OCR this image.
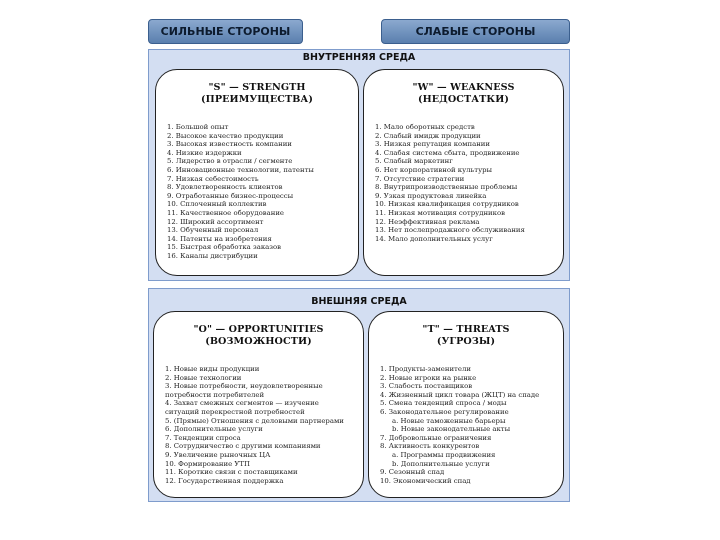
СИЛЬНЫЕ СТОРОНЫ	СЛАБЫЕ СТОРОНЫ
ВНУТРЕННЯЯ СРЕДА
"S" — STRENGTH
(ПРЕИМУЩЕСТВА)
1. Большой опыт
2. Высокое качество продукции
3. Высокая известность компании
4. Низкие издержки
5. Лидерство в отрасли / сегменте
6. Инновационные технологии, патенты
7. Низкая себестоимость
8. Удовлетворенность клиентов
9. Отработанные бизнес-процессы
10. Сплоченный коллектив
11. Качественное оборудование
12. Широкий ассортимент
13. Обученный персонал
14. Патенты на изобретения
15. Быстрая обработка заказов
16. Каналы дистрибуции
"W" — WEAKNESS
(НЕДОСТАТКИ)
1. Мало оборотных средств
2. Слабый имидж продукции
3. Низкая репутация компании
4. Слабая система сбыта, продвижение
5. Слабый маркетинг
6. Нет корпоративной культуры
7. Отсутствие стратегии
8. Внутрипроизводственные проблемы
9. Узкая продуктовая линейка
10. Низкая квалификация сотрудников
11. Низкая мотивация сотрудников
12. Неэффективная реклама
13. Нет послепродажного обслуживания
14. Мало дополнительных услуг
ВНЕШНЯЯ СРЕДА
"O" — OPPORTUNITIES
(ВОЗМОЖНОСТИ)
1. Новые виды продукции
2. Новые технологии
3. Новые потребности, неудовлетворенные
потребности потребителей
4. Захват смежных сегментов — изучение
ситуаций перекрестной потребностей
5. (Прямые) Отношения с деловыми партнерами
6. Дополнительные услуги
7. Тенденции спроса
8. Сотрудничество с другими компаниями
9. Увеличение рыночных ЦА
10. Формирование УТП
11. Короткие связи с поставщиками
12. Государственная поддержка
"T" — THREATS
(УГРОЗЫ)
1. Продукты-заменители
2. Новые игроки на рынке
3. Слабость поставщиков
4. Жизненный цикл товара (ЖЦТ) на спаде
5. Смена тенденций спроса / моды
6. Законодательное регулирование
а. Новые таможенные барьеры
b. Новые законодательные акты
7. Добровольные ограничения
8. Активность конкурентов
а. Программы продвижения
b. Дополнительные услуги
9. Сезонный спад
10. Экономический спад
